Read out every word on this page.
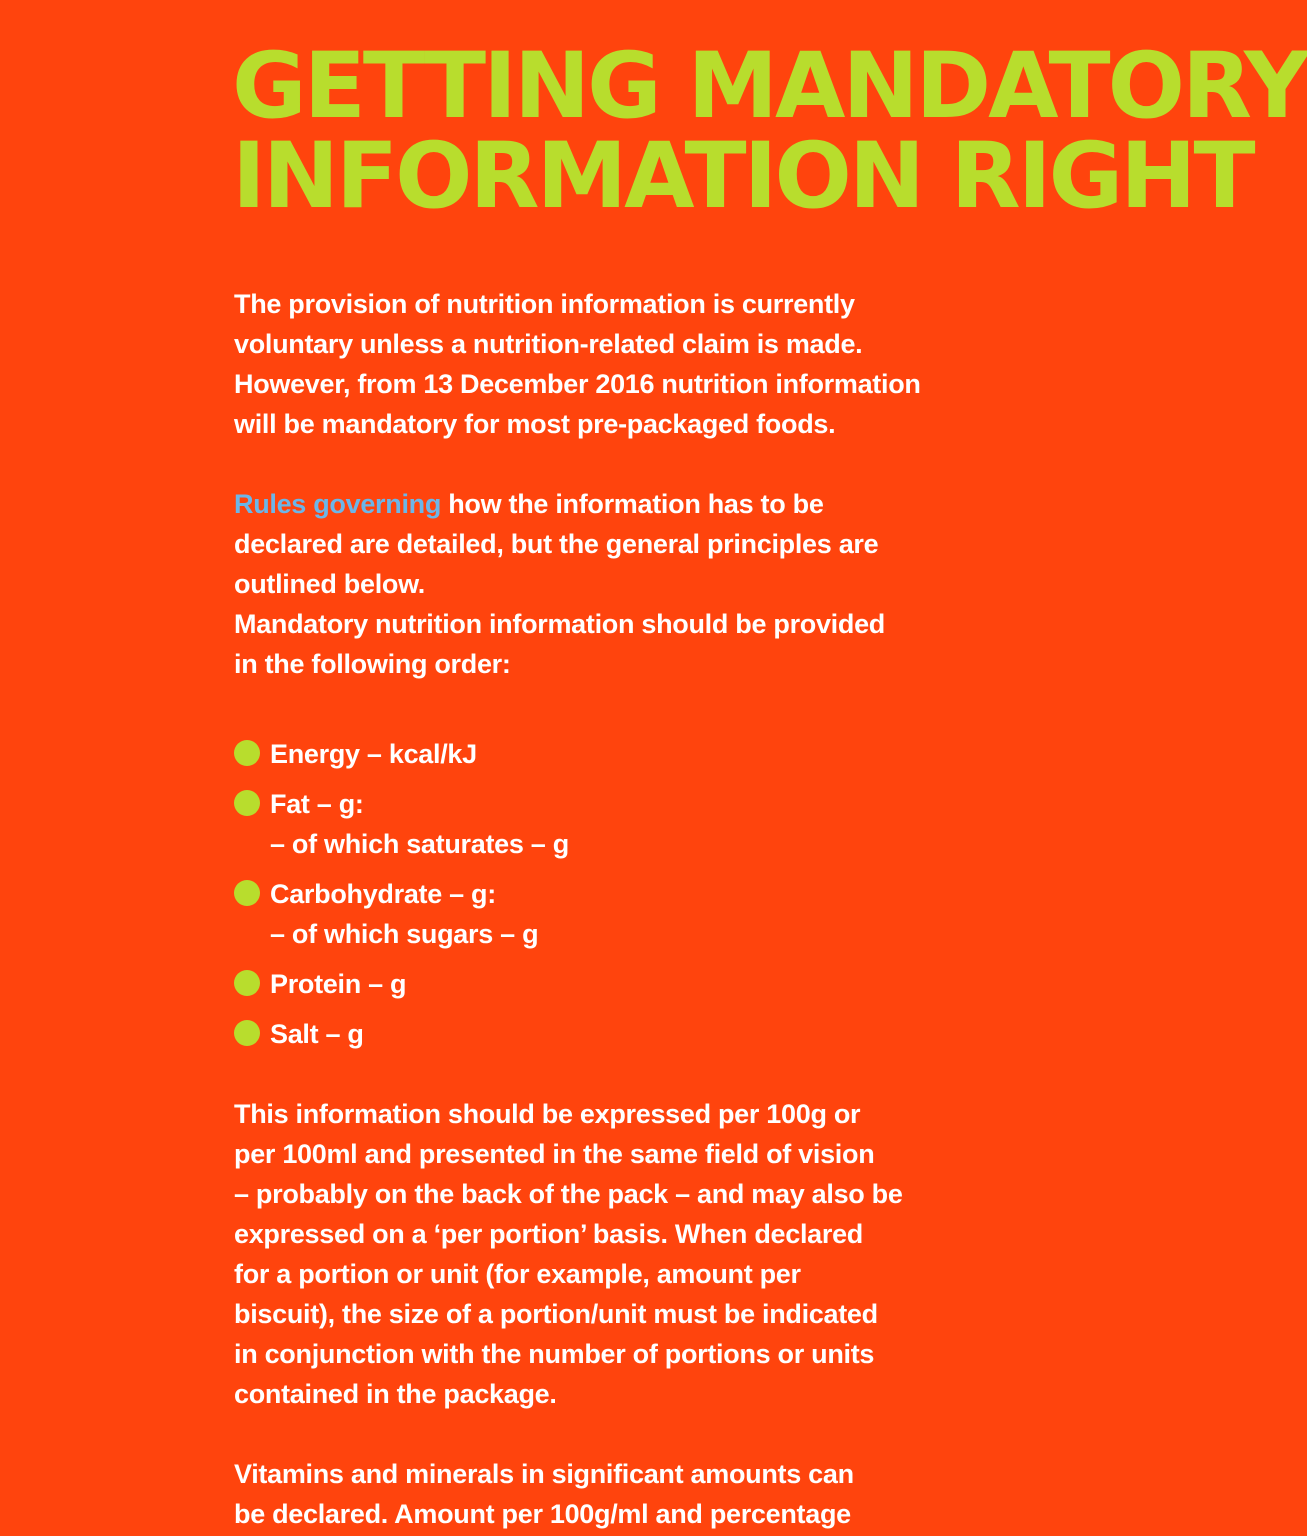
GETTING MANDATORY
INFORMATION RIGHT

The provision of nutrition information is currently
voluntary unless a nutrition-related claim is made.
However, from 13 December 2016 nutrition information
will be mandatory for most pre-packaged foods.

Rules governing how the information has to be
declared are detailed, but the general principles are
outlined below.
Mandatory nutrition information should be provided
in the following order:

Energy – kcal/kJ
Fat – g:
– of which saturates – g
Carbohydrate – g:
– of which sugars – g
Protein – g
Salt – g

This information should be expressed per 100g or
per 100ml and presented in the same field of vision
– probably on the back of the pack – and may also be
expressed on a ‘per portion’ basis. When declared
for a portion or unit (for example, amount per
biscuit), the size of a portion/unit must be indicated
in conjunction with the number of portions or units
contained in the package.

Vitamins and minerals in significant amounts can
be declared. Amount per 100g/ml and percentage
